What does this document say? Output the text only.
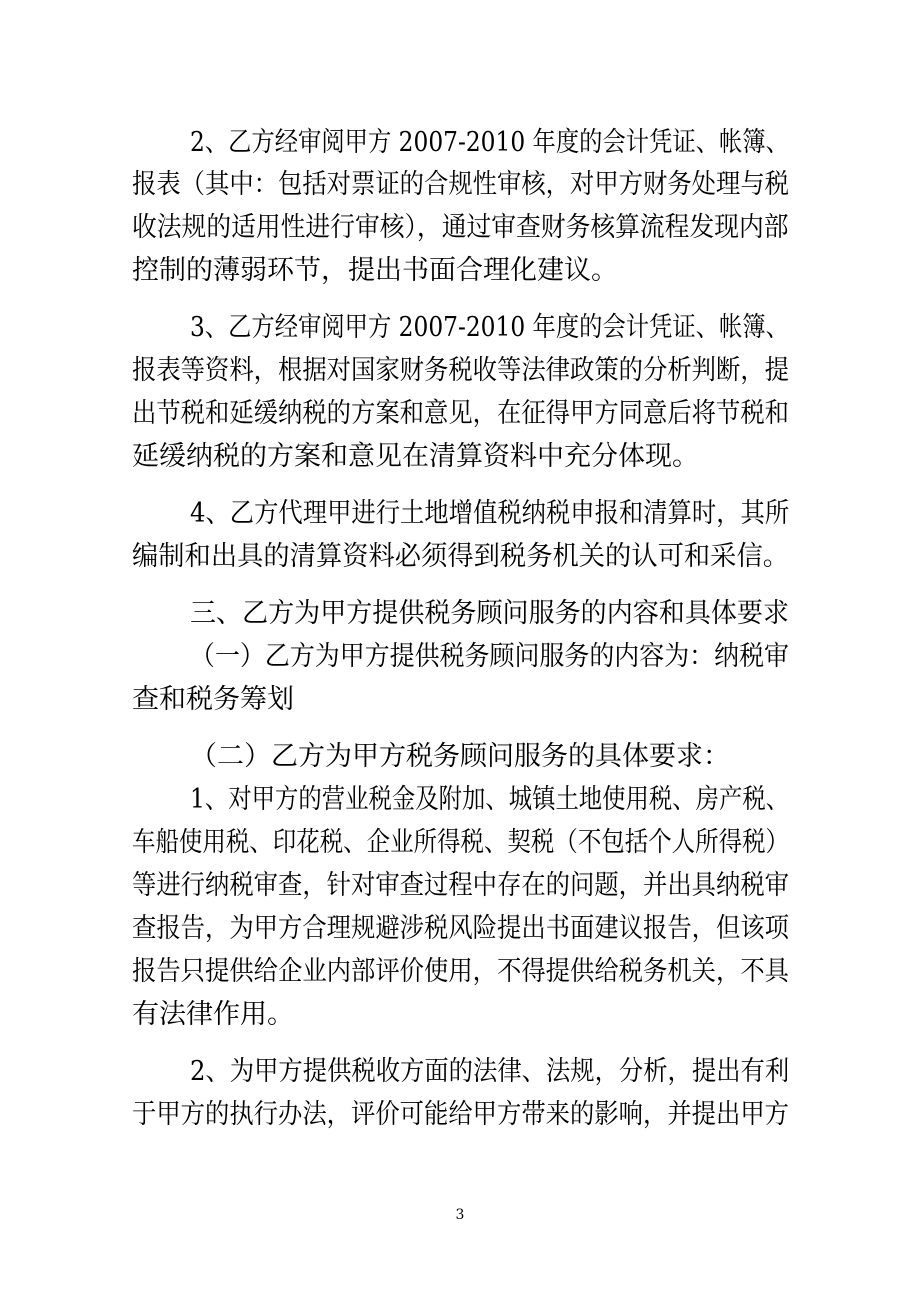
2、乙方经审阅甲方 2007-2010 年度的会计凭证、帐簿、
报表（其中：包括对票证的合规性审核，对甲方财务处理与税
收法规的适用性进行审核），通过审查财务核算流程发现内部
控制的薄弱环节，提出书面合理化建议。
3、乙方经审阅甲方 2007-2010 年度的会计凭证、帐簿、
报表等资料，根据对国家财务税收等法律政策的分析判断，提
出节税和延缓纳税的方案和意见，在征得甲方同意后将节税和
延缓纳税的方案和意见在清算资料中充分体现。
4、乙方代理甲进行土地增值税纳税申报和清算时，其所
编制和出具的清算资料必须得到税务机关的认可和采信。
三、乙方为甲方提供税务顾问服务的内容和具体要求
（一）乙方为甲方提供税务顾问服务的内容为：纳税审
查和税务筹划
（二）乙方为甲方税务顾问服务的具体要求：
1、对甲方的营业税金及附加、城镇土地使用税、房产税、
车船使用税、印花税、企业所得税、契税（不包括个人所得税）
等进行纳税审查，针对审查过程中存在的问题，并出具纳税审
查报告，为甲方合理规避涉税风险提出书面建议报告，但该项
报告只提供给企业内部评价使用，不得提供给税务机关，不具
有法律作用。
2、为甲方提供税收方面的法律、法规，分析，提出有利
于甲方的执行办法，评价可能给甲方带来的影响，并提出甲方
3
